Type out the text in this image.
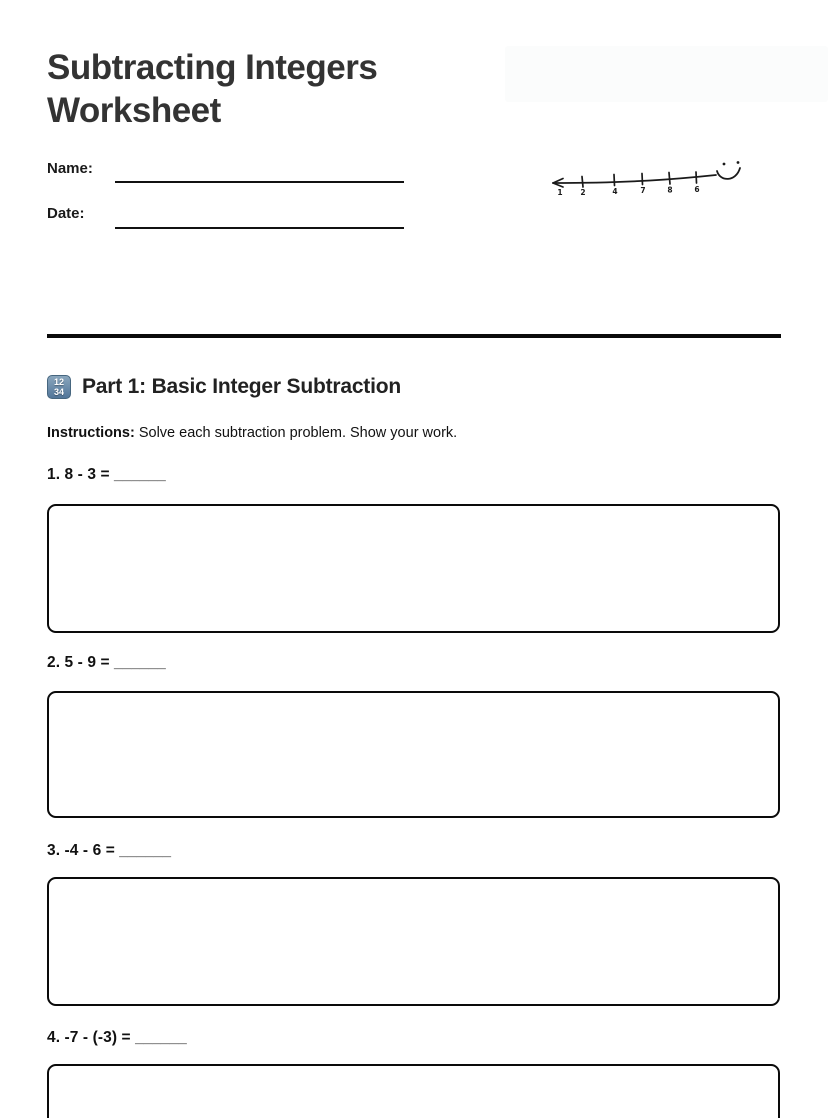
Subtracting Integers
Worksheet
Name:
Date:
1 2	4	7	8	6
12
34 Part 1: Basic Integer Subtraction
Instructions: Solve each subtraction problem. Show your work.
1. 8 - 3 = ______
2. 5 - 9 = ______
3. -4 - 6 = ______
4. -7 - (-3) = ______
